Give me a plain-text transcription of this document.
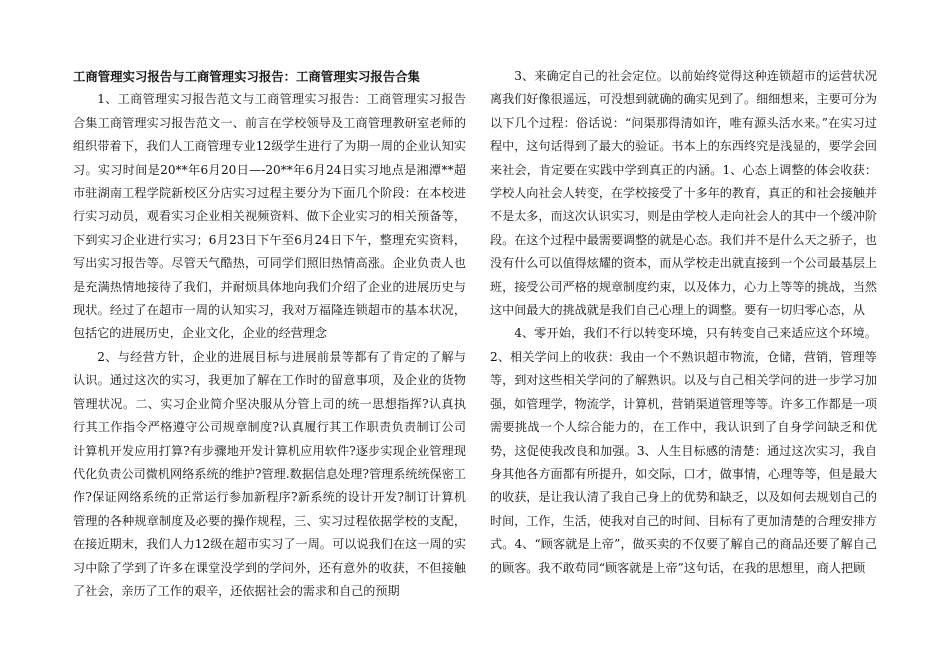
工商管理实习报告与工商管理实习报告：工商管理实习报告合集

1、工商管理实习报告范文与工商管理实习报告：工商管理实习报告合集工商管理实习报告范文一、前言在学校领导及工商管理教研室老师的组织带着下，我们人工商管理专业12级学生进行了为期一周的企业认知实习。实习时间是20**年6月20日—-20**年6月24日实习地点是湘潭**超市驻湖南工程学院新校区分店实习过程主要分为下面几个阶段：在本校进行实习动员，观看实习企业相关视频资料、做下企业实习的相关预备等，下到实习企业进行实习；6月23日下午至6月24日下午，整理充实资料，写出实习报告等。尽管天气酷热，可同学们照旧热情高涨。企业负责人也是充满热情地接待了我们，并耐烦具体地向我们介绍了企业的进展历史与现状。经过了在超市一周的认知实习，我对万福隆连锁超市的基本状况，包括它的进展历史，企业文化，企业的经营理念

2、与经营方针，企业的进展目标与进展前景等都有了肯定的了解与认识。通过这次的实习，我更加了解在工作时的留意事项，及企业的货物管理状况。二、实习企业简介坚决服从分管上司的统一思想指挥?认真执行其工作指令严格遵守公司规章制度?认真履行其工作职责负责制订公司计算机开发应用打算?有步骤地开发计算机应用软件?逐步实现企业管理现代化负责公司微机网络系统的维护?管理.数据信息处理?管理系统统保密工作?保证网络系统的正常运行参加新程序?新系统的设计开发?制订计算机管理的各种规章制度及必要的操作规程，三、实习过程依据学校的支配，在接近期末，我们人力12级在超市实习了一周。可以说我们在这一周的实习中除了学到了许多在课堂没学到的学问外，还有意外的收获，不但接触了社会，亲历了工作的艰辛，还依据社会的需求和自己的预期

3、来确定自己的社会定位。以前始终觉得这种连锁超市的运营状况离我们好像很遥远，可没想到就确的确实见到了。细细想来，主要可分为以下几个过程：俗话说：“问渠那得清如许，唯有源头活水来。”在实习过程中，这句话得到了最大的验证。书本上的东西终究是浅显的，要学会回来社会，肯定要在实践中学到真正的内涵。1、心态上调整的体会收获：学校人向社会人转变，在学校接受了十多年的教育，真正的和社会接触并不是太多，而这次认识实习，则是由学校人走向社会人的其中一个缓冲阶段。在这个过程中最需要调整的就是心态。我们并不是什么天之骄子，也没有什么可以值得炫耀的资本，而从学校走出就直接到一个公司最基层上班，接受公司严格的规章制度约束，以及体力，心力上等等的挑战，当然这中间最大的挑战就是我们自己心理上的调整。要有一切归零心态，从

4、零开始，我们不行以转变环境，只有转变自己来适应这个环境。2、相关学问上的收获：我由一个不熟识超市物流，仓储，营销，管理等等，到对这些相关学问的了解熟识。以及与自己相关学问的进一步学习加强，如管理学，物流学，计算机，营销渠道管理等等。许多工作都是一项需要挑战一个人综合能力的，在工作中，我认识到了自身学问缺乏和优势，这促使我改良和加强。3、人生目标感的清楚：通过这次实习，我自身其他各方面都有所提升，如交际，口才，做事情，心理等等，但是最大的收获，是让我认清了我自己身上的优势和缺乏，以及如何去规划自己的时间，工作，生活，使我对自己的时间、目标有了更加清楚的合理安排方式。4、“顾客就是上帝”，做买卖的不仅要了解自己的商品还要了解自己的顾客。我不敢苟同“顾客就是上帝”这句话，在我的思想里，商人把顾
